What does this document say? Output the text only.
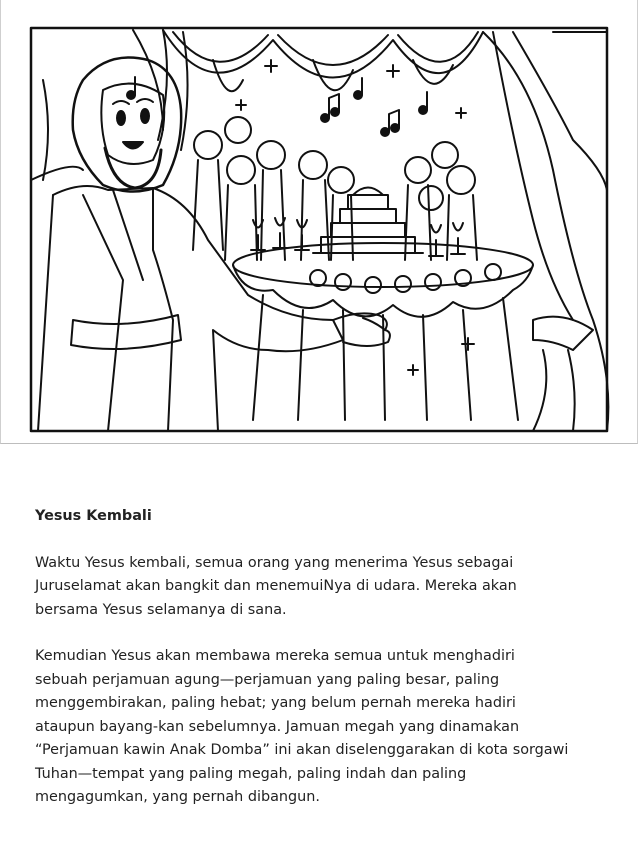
Yesus Kembali
Waktu Yesus kembali, semua orang yang menerima Yesus sebagai
Juruselamat akan bangkit dan menemuiNya di udara. Mereka akan
bersama Yesus selamanya di sana.
Kemudian Yesus akan membawa mereka semua untuk menghadiri
sebuah perjamuan agung—perjamuan yang paling besar, paling
menggembirakan, paling hebat; yang belum pernah mereka hadiri
ataupun bayang-kan sebelumnya. Jamuan megah yang dinamakan
“Perjamuan kawin Anak Domba” ini akan diselenggarakan di kota sorgawi
Tuhan—tempat yang paling megah, paling indah dan paling
mengagumkan, yang pernah dibangun.
